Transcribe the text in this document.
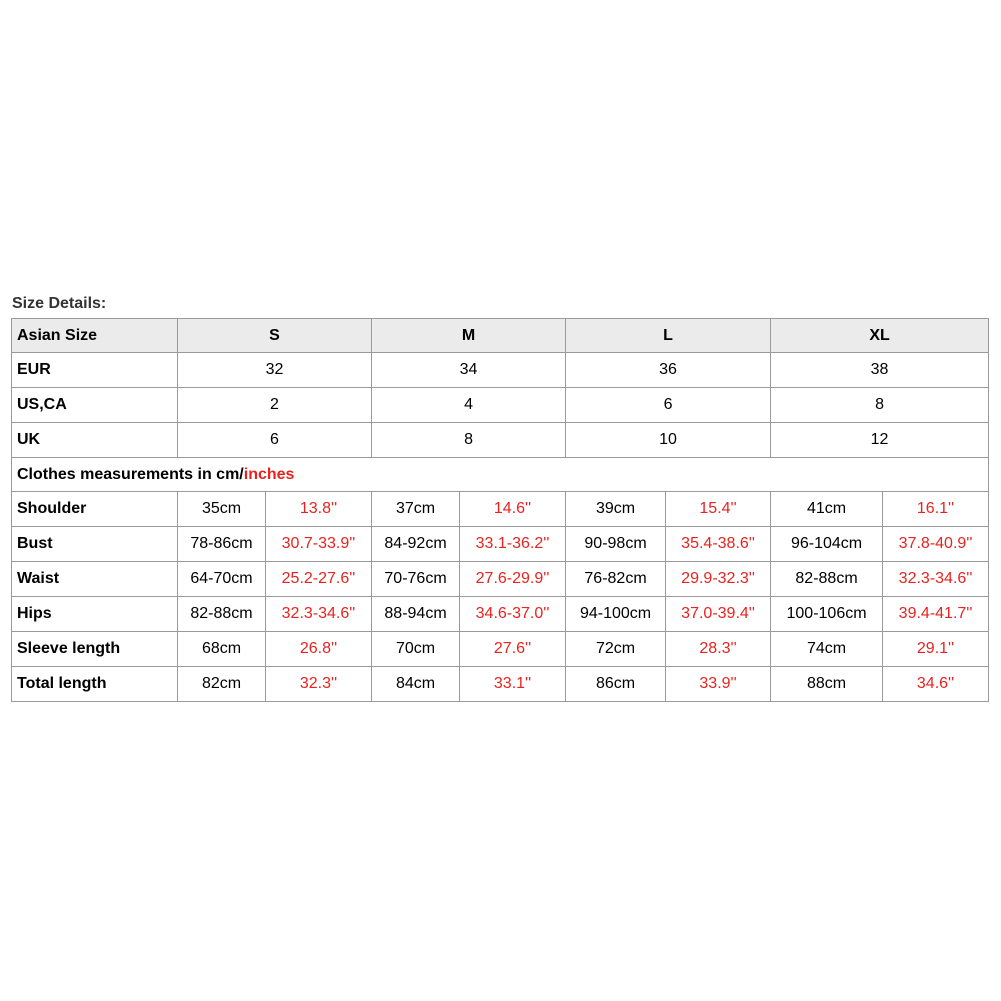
Size Details:
Asian Size	S		M		L		XL	
EUR	32		34		36		38	
US,CA	2		4		6		8	
UK	6		8		10		12	
Clothes measurements in cm/inches								
Shoulder	35cm	13.8''	37cm	14.6''	39cm	15.4''	41cm	16.1''
Bust	78-86cm	30.7-33.9''	84-92cm	33.1-36.2''	90-98cm	35.4-38.6''	96-104cm	37.8-40.9''
Waist	64-70cm	25.2-27.6''	70-76cm	27.6-29.9''	76-82cm	29.9-32.3''	82-88cm	32.3-34.6''
Hips	82-88cm	32.3-34.6''	88-94cm	34.6-37.0''	94-100cm	37.0-39.4''	100-106cm	39.4-41.7''
Sleeve length	68cm	26.8''	70cm	27.6''	72cm	28.3''	74cm	29.1''
Total length	82cm	32.3''	84cm	33.1''	86cm	33.9''	88cm	34.6''
